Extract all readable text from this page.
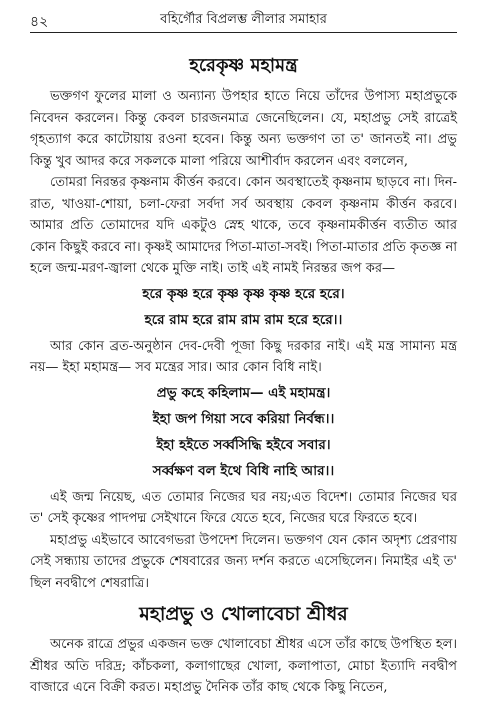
৪২	বহির্গৌর বিপ্রলম্ভ লীলার সমাহার
হরেকৃষ্ণ মহামন্ত্র

ভক্তগণ ফুলের মালা ও অন্যান্য উপহার হাতে নিয়ে তাঁদের উপাস্য মহাপ্রভুকে নিবেদন করলেন। কিন্তু কেবল চারজনমাত্র জেনেছিলেন। যে, মহাপ্রভু সেই রাত্রেই গৃহত্যাগ করে কাটোয়ায় রওনা হবেন। কিন্তু অন্য ভক্তগণ তা ত' জানতই না। প্রভু কিন্তু খুব আদর করে সকলকে মালা পরিয়ে আশীর্বাদ করলেন এবং বললেন,

তোমরা নিরন্তর কৃষ্ণনাম কীর্ত্তন করবে। কোন অবস্থাতেই কৃষ্ণনাম ছাড়বে না। দিন-রাত, খাওয়া-শোয়া, চলা-ফেরা সর্বদা সর্ব অবস্থায় কেবল কৃষ্ণনাম কীর্ত্তন করবে। আমার প্রতি তোমাদের যদি একটুও স্নেহ থাকে, তবে কৃষ্ণনামকীর্ত্তন ব্যতীত আর কোন কিছুই করবে না। কৃষ্ণই আমাদের পিতা-মাতা-সবই। পিতা-মাতার প্রতি কৃতজ্ঞ না হলে জন্ম-মরণ-জ্বালা থেকে মুক্তি নাই। তাই এই নামই নিরন্তর জপ কর—

হরে কৃষ্ণ হরে কৃষ্ণ কৃষ্ণ কৃষ্ণ হরে হরে।
হরে রাম হরে রাম রাম রাম হরে হরে।।

আর কোন ব্রত-অনুষ্ঠান দেব-দেবী পূজা কিছু দরকার নাই। এই মন্ত্র সামান্য মন্ত্র নয়— ইহা মহামন্ত্র— সব মন্ত্রের সার। আর কোন বিধি নাই।

প্রভু কহে কহিলাম— এই মহামন্ত্র।
ইহা জপ গিয়া সবে করিয়া নির্বন্ধ।।
ইহা হইতে সর্ব্বসিদ্ধি হইবে সবার।
সর্ব্বক্ষণ বল ইথে বিধি নাহি আর।।

এই জন্ম নিয়েছ, এত তোমার নিজের ঘর নয়;এত বিদেশ। তোমার নিজের ঘর ত' সেই কৃষ্ণের পাদপদ্ম সেইখানে ফিরে যেতে হবে, নিজের ঘরে ফিরতে হবে।

মহাপ্রভু এইভাবে আবেগভরা উপদেশ দিলেন। ভক্তগণ যেন কোন অদৃশ্য প্রেরণায় সেই সন্ধ্যায় তাদের প্রভুকে শেষবারের জন্য দর্শন করতে এসেছিলেন। নিমাইর এই ত' ছিল নবদ্বীপে শেষরাত্রি।

মহাপ্রভু ও খোলাবেচা শ্রীধর

অনেক রাত্রে প্রভুর একজন ভক্ত খোলাবেচা শ্রীধর এসে তাঁর কাছে উপস্থিত হল। শ্রীধর অতি দরিদ্র; কাঁচকলা, কলাগাছের খোলা, কলাপাতা, মোচা ইত্যাদি নবদ্বীপ বাজারে এনে বিক্রী করত। মহাপ্রভু দৈনিক তাঁর কাছ থেকে কিছু নিতেন,
